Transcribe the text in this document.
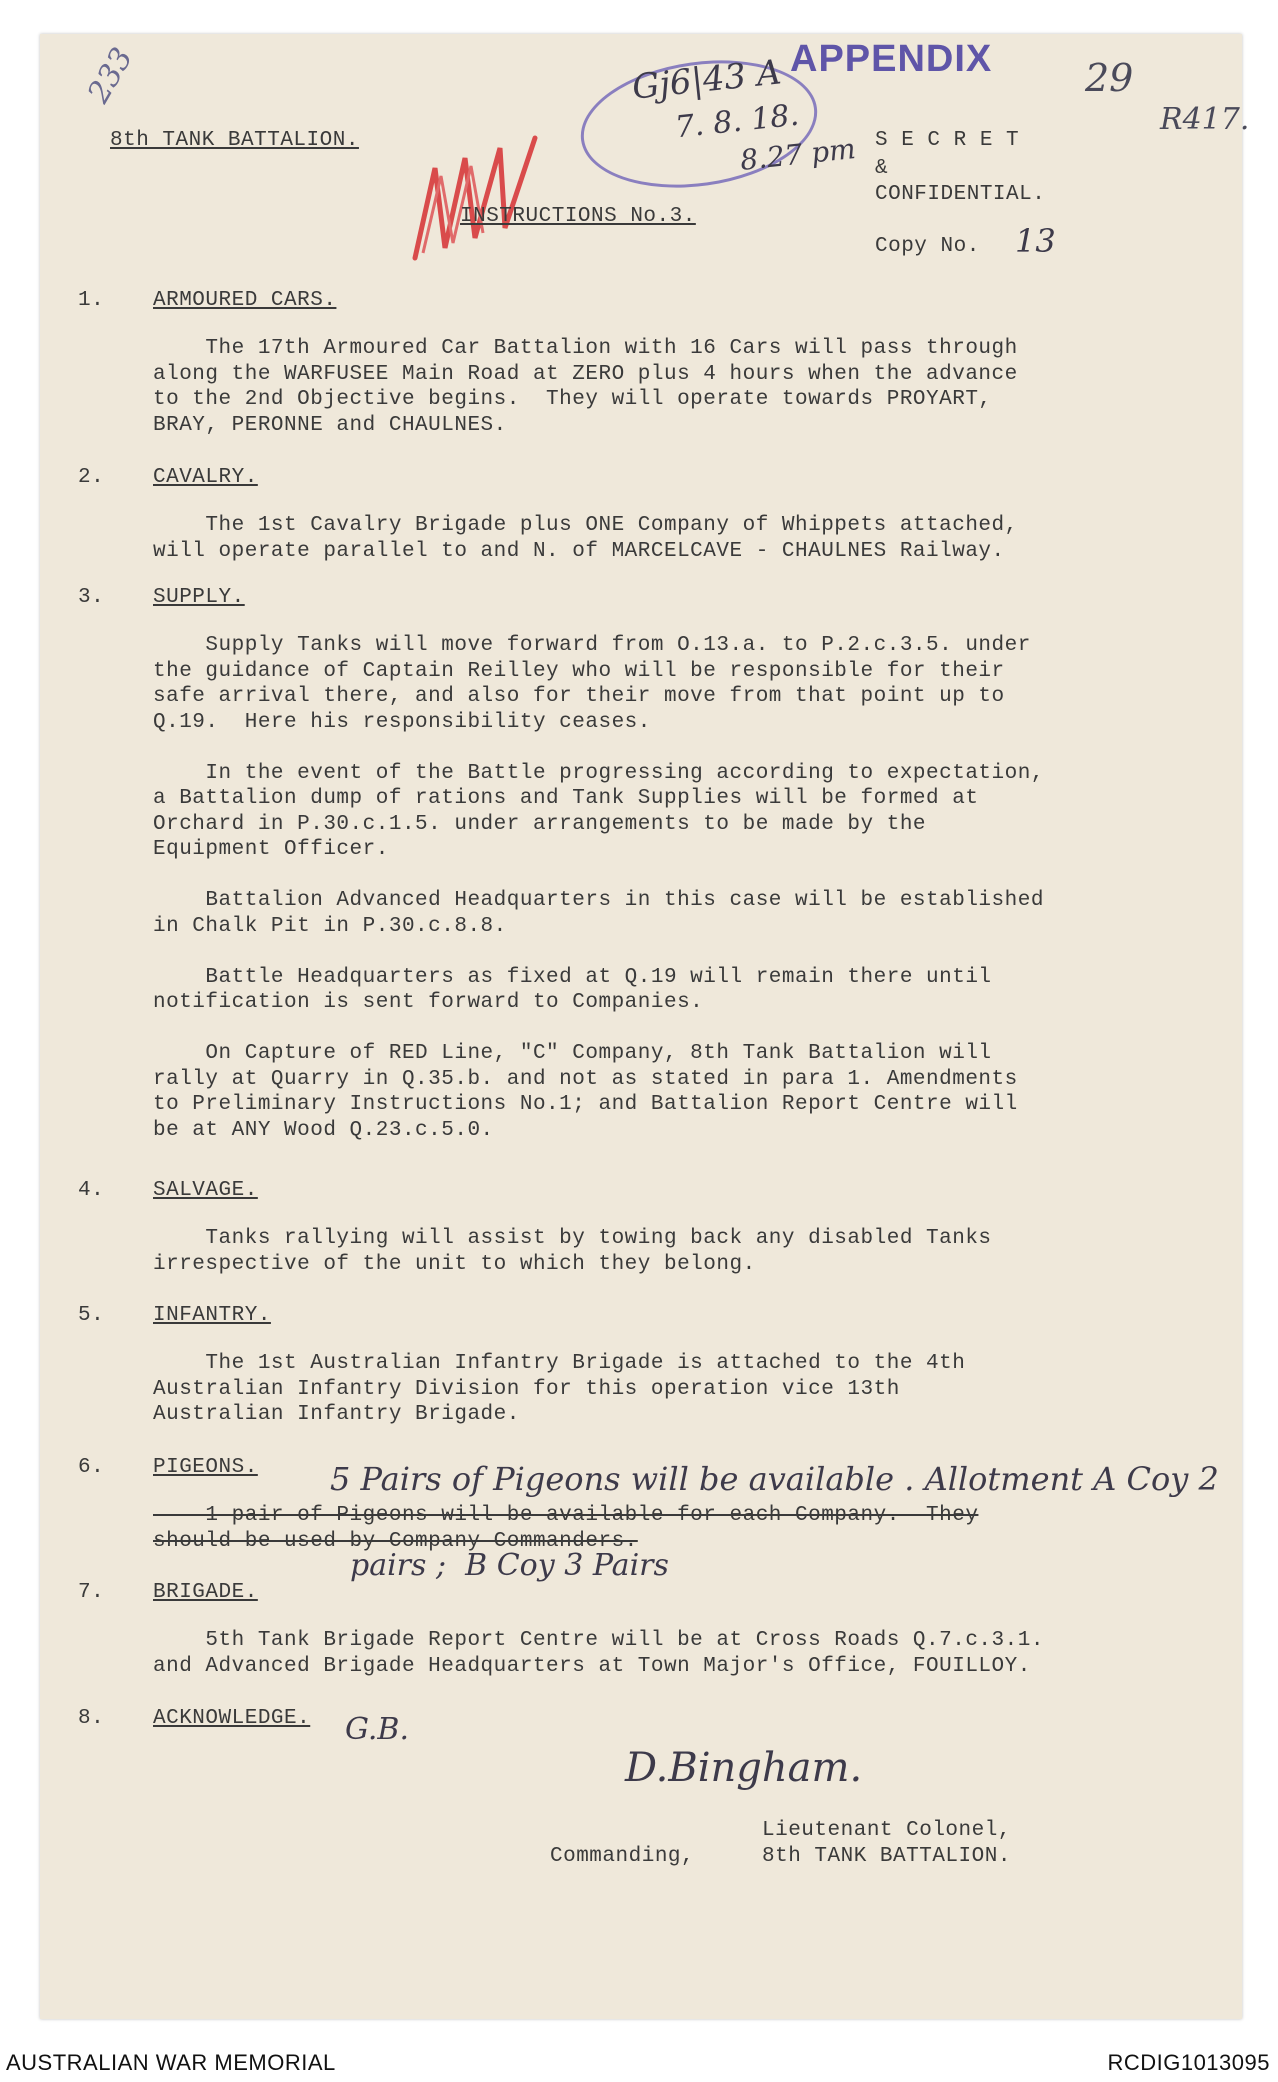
233	Gj6|43 A
7. 8. 18.
8.27 pm
APPENDIX 29
R417.
8th TANK BATTALION.
INSTRUCTIONS No.3.
S E C R E T
&
CONFIDENTIAL.
Copy No. 13
1. ARMOURED CARS.
The 17th Armoured Car Battalion with 16 Cars will pass through
along the WARFUSEE Main Road at ZERO plus 4 hours when the advance
to the 2nd Objective begins.  They will operate towards PROYART,
BRAY, PERONNE and CHAULNES.
2. CAVALRY.
The 1st Cavalry Brigade plus ONE Company of Whippets attached,
will operate parallel to and N. of MARCELCAVE - CHAULNES Railway.
3. SUPPLY.
Supply Tanks will move forward from O.13.a. to P.2.c.3.5. under
the guidance of Captain Reilley who will be responsible for their
safe arrival there, and also for their move from that point up to
Q.19.  Here his responsibility ceases.
In the event of the Battle progressing according to expectation,
a Battalion dump of rations and Tank Supplies will be formed at
Orchard in P.30.c.1.5. under arrangements to be made by the
Equipment Officer.
Battalion Advanced Headquarters in this case will be established
in Chalk Pit in P.30.c.8.8.
Battle Headquarters as fixed at Q.19 will remain there until
notification is sent forward to Companies.
On Capture of RED Line, "C" Company, 8th Tank Battalion will
rally at Quarry in Q.35.b. and not as stated in para 1. Amendments
to Preliminary Instructions No.1; and Battalion Report Centre will
be at ANY Wood Q.23.c.5.0.
4. SALVAGE.
Tanks rallying will assist by towing back any disabled Tanks
irrespective of the unit to which they belong.
5. INFANTRY.
The 1st Australian Infantry Brigade is attached to the 4th
Australian Infantry Division for this operation vice 13th
Australian Infantry Brigade.
6. PIGEONS.
1 pair of Pigeons will be available for each Company.  They
should be used by Company Commanders.
7. BRIGADE.
5th Tank Brigade Report Centre will be at Cross Roads Q.7.c.3.1.
and Advanced Brigade Headquarters at Town Major's Office, FOUILLOY.
8. ACKNOWLEDGE.
5 Pairs of Pigeons will be available . Allotment A Coy 2
pairs ;  B Coy 3 Pairs
G.B.
D.Bingham.
Lieutenant Colonel,
Commanding,	8th TANK BATTALION.
AUSTRALIAN WAR MEMORIAL	RCDIG1013095
